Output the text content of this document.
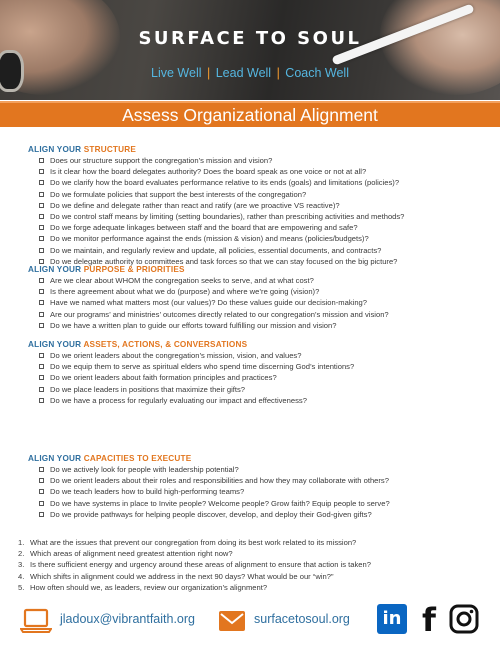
SURFACE TO SOUL
Live Well | Lead Well | Coach Well
Assess Organizational Alignment
ALIGN YOUR STRUCTURE
Does our structure support the congregation’s mission and vision?
Is it clear how the board delegates authority? Does the board speak as one voice or not at all?
Do we clarify how the board evaluates performance relative to its ends (goals) and limitations (policies)?
Do we formulate policies that support the best interests of the congregation?
Do we define and delegate rather than react and ratify (are we proactive VS reactive)?
Do we control staff means by limiting (setting boundaries), rather than prescribing activities and methods?
Do we forge adequate linkages between staff and the board that are empowering and safe?
Do we monitor performance against the ends (mission & vision) and means (policies/budgets)?
Do we maintain, and regularly review and update, all policies, essential documents, and contracts?
Do we delegate authority to committees and task forces so that we can stay focused on the big picture?
ALIGN YOUR PURPOSE & PRIORITIES
Are we clear about WHOM the congregation seeks to serve, and at what cost?
Is there agreement about what we do (purpose) and where we’re going (vision)?
Have we named what matters most (our values)? Do these values guide our decision-making?
Are our programs’ and ministries’ outcomes directly related to our congregation’s mission and vision?
Do we have a written plan to guide our efforts toward fulfilling our mission and vision?
ALIGN YOUR ASSETS, ACTIONS, & CONVERSATIONS
Do we orient leaders about the congregation’s mission, vision, and values?
Do we equip them to serve as spiritual elders who spend time discerning God’s intentions?
Do we orient leaders about faith formation principles and practices?
Do we place leaders in positions that maximize their gifts?
Do we have a process for regularly evaluating our impact and effectiveness?
ALIGN YOUR CAPACITIES TO EXECUTE
Do we actively look for people with leadership potential?
Do we orient leaders about their roles and responsibilities and how they may collaborate with others?
Do we teach leaders how to build high-performing teams?
Do we have systems in place to Invite people? Welcome people? Grow faith? Equip people to serve?
Do we provide pathways for helping people discover, develop, and deploy their God-given gifts?
1. What are the issues that prevent our congregation from doing its best work related to its mission?
2. Which areas of alignment need greatest attention right now?
3. Is there sufficient energy and urgency around these areas of alignment to ensure that action is taken?
4. Which shifts in alignment could we address in the next 90 days? What would be our “win?”
5. How often should we, as leaders, review our organization’s alignment?
jladoux@vibrantfaith.org	surfacetosoul.org	in f
